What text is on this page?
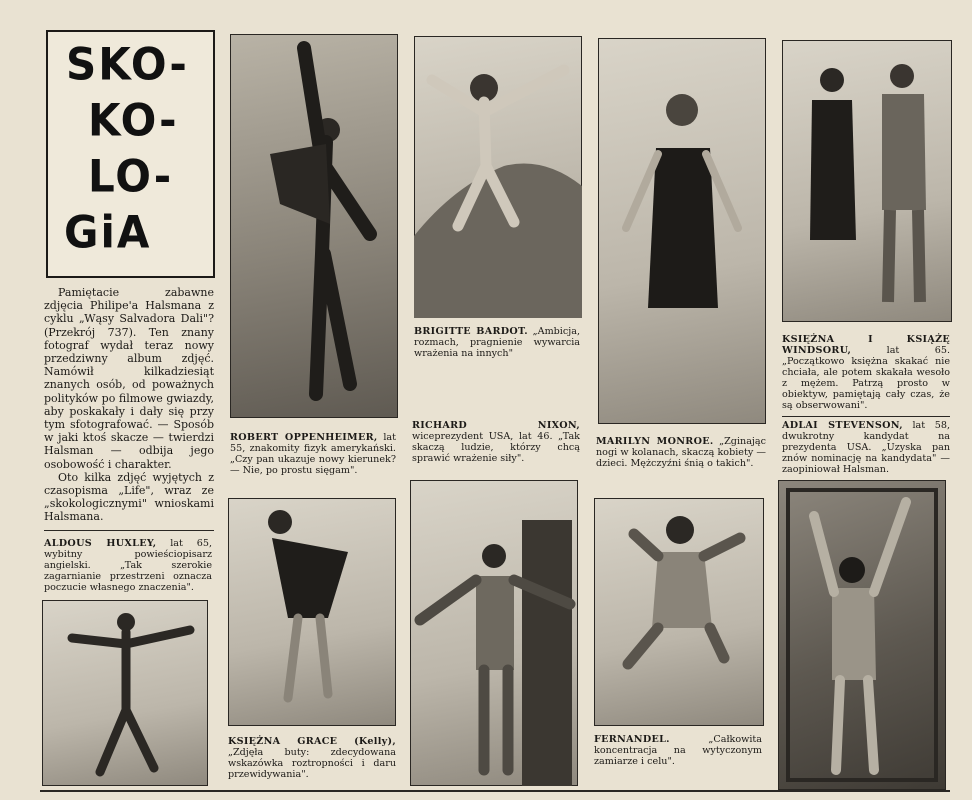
SKO-
KO-
LO-
GiA

Pamiętacie zabawne zdjęcia Philipe'a Halsmana z cyklu „Wąsy Salvadora Dali"? (Przekrój 737). Ten znany fotograf wydał teraz nowy przedziwny album zdjęć. Namówił kilkadziesiąt znanych osób, od poważnych polityków po filmowe gwiazdy, aby poskakały i dały się przy tym sfotografować. — Sposób w jaki ktoś skacze — twierdzi Halsman — odbija jego osobowość i charakter.

Oto kilka zdjęć wyjętych z czasopisma „Life", wraz ze „skokologicznymi" wnioskami Halsmana.

ALDOUS HUXLEY, lat 65, wybitny powieściopisarz angielski. „Tak szerokie zagarnianie przestrzeni oznacza poczucie własnego znaczenia".

ROBERT OPPENHEIMER, lat 55, znakomity fizyk amerykański. „Czy pan ukazuje nowy kierunek? — Nie, po prostu sięgam".

BRIGITTE BARDOT. „Ambicja, rozmach, pragnienie wywarcia wrażenia na innych"

RICHARD NIXON, wiceprezydent USA, lat 46. „Tak skaczą ludzie, którzy chcą sprawić wrażenie siły".

MARILYN MONROE. „Zginając nogi w kolanach, skaczą kobiety — dzieci. Mężczyźni śnią o takich".

KSIĘŻNA I KSIĄŻĘ WINDSORU, lat 65. „Początkowo księżna skakać nie chciała, ale potem skakała wesoło z mężem. Patrzą prosto w obiektyw, pamiętają cały czas, że są obserwowani".

ADLAI STEVENSON, lat 58, dwukrotny kandydat na prezydenta USA. „Uzyska pan znów nominację na kandydata" — zaopiniował Halsman.

KSIĘŻNA GRACE (Kelly), „Zdjęła buty: zdecydowana wskazówka roztropności i daru przewidywania".

FERNANDEL. „Całkowita koncentracja na wytyczonym zamiarze i celu".
